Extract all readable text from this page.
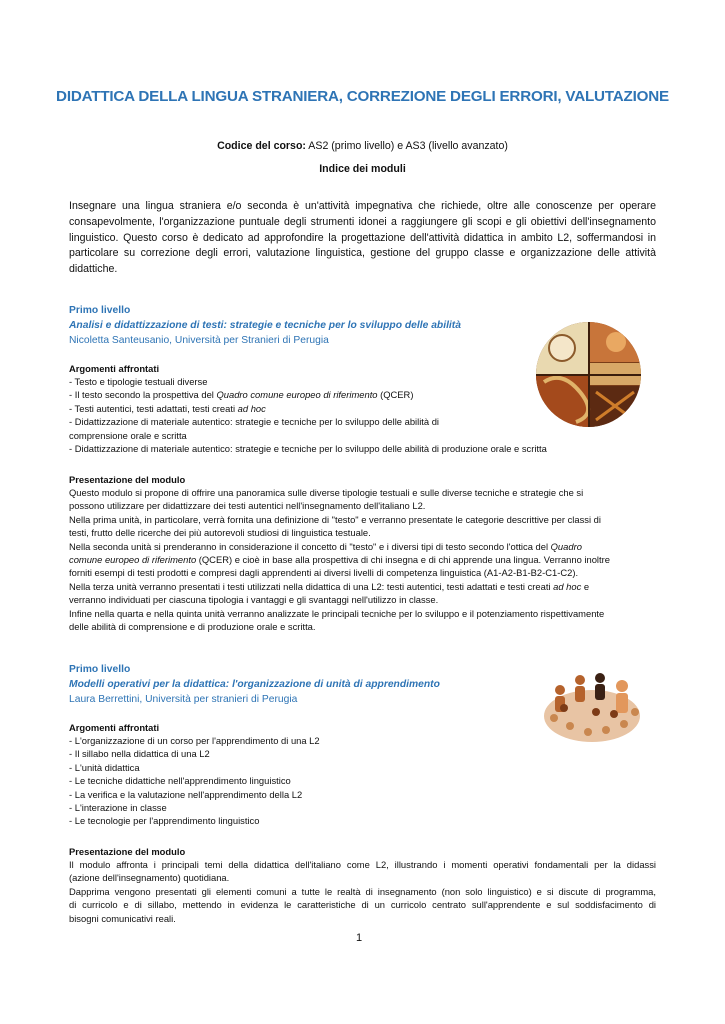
DIDATTICA DELLA LINGUA STRANIERA, CORREZIONE DEGLI ERRORI, VALUTAZIONE
Codice del corso: AS2 (primo livello) e AS3 (livello avanzato)
Indice dei moduli

Insegnare una lingua straniera e/o seconda è un'attività impegnativa che richiede, oltre alle conoscenze per operare consapevolmente, l'organizzazione puntuale degli strumenti idonei a raggiungere gli scopi e gli obiettivi dell'insegnamento linguistico. Questo corso è dedicato ad approfondire la progettazione dell'attività didattica in ambito L2, soffermandosi in particolare su correzione degli errori, valutazione linguistica, gestione del gruppo classe e organizzazione delle attività didattiche.

Primo livello
Analisi e didattizzazione di testi: strategie e tecniche per lo sviluppo delle abilità
Nicoletta Santeusanio, Università per Stranieri di Perugia
Argomenti affrontati
- Testo e tipologie testuali diverse
- Il testo secondo la prospettiva del Quadro comune europeo di riferimento (QCER)
- Testi autentici, testi adattati, testi creati ad hoc
- Didattizzazione di materiale autentico: strategie e tecniche per lo sviluppo delle abilità di
comprensione orale e scritta
- Didattizzazione di materiale autentico: strategie e tecniche per lo sviluppo delle abilità di produzione orale e scritta
Presentazione del modulo
Questo modulo si propone di offrire una panoramica sulle diverse tipologie testuali e sulle diverse tecniche e strategie che si
possono utilizzare per didattizzare dei testi autentici nell'insegnamento dell'italiano L2.
Nella prima unità, in particolare, verrà fornita una definizione di "testo" e verranno presentate le categorie descrittive per classi di
testi, frutto delle ricerche dei più autorevoli studiosi di linguistica testuale.
Nella seconda unità si prenderanno in considerazione il concetto di "testo" e i diversi tipi di testo secondo l'ottica del Quadro
comune europeo di riferimento (QCER) e cioè in base alla prospettiva di chi insegna e di chi apprende una lingua. Verranno inoltre
forniti esempi di testi prodotti e compresi dagli apprendenti ai diversi livelli di competenza linguistica (A1-A2-B1-B2-C1-C2).
Nella terza unità verranno presentati i testi utilizzati nella didattica di una L2: testi autentici, testi adattati e testi creati ad hoc e
verranno individuati per ciascuna tipologia i vantaggi e gli svantaggi nell'utilizzo in classe.
Infine nella quarta e nella quinta unità verranno analizzate le principali tecniche per lo sviluppo e il potenziamento rispettivamente
delle abilità di comprensione e di produzione orale e scritta.
Primo livello
Modelli operativi per la didattica: l'organizzazione di unità di apprendimento
Laura Berrettini, Università per stranieri di Perugia
Argomenti affrontati
- L'organizzazione di un corso per l'apprendimento di una L2
- Il sillabo nella didattica di una L2
- L'unità didattica
- Le tecniche didattiche nell'apprendimento linguistico
- La verifica e la valutazione nell'apprendimento della L2
- L'interazione in classe
- Le tecnologie per l'apprendimento linguistico
Presentazione del modulo
Il modulo affronta i principali temi della didattica dell'italiano come L2, illustrando i momenti operativi fondamentali per la didassi
(azione dell'insegnamento) quotidiana.
Dapprima vengono presentati gli elementi comuni a tutte le realtà di insegnamento (non solo linguistico) e si discute di programma,
di curricolo e di sillabo, mettendo in evidenza le caratteristiche di un curricolo centrato sull'apprendente e sul soddisfacimento di
bisogni comunicativi reali.
1
